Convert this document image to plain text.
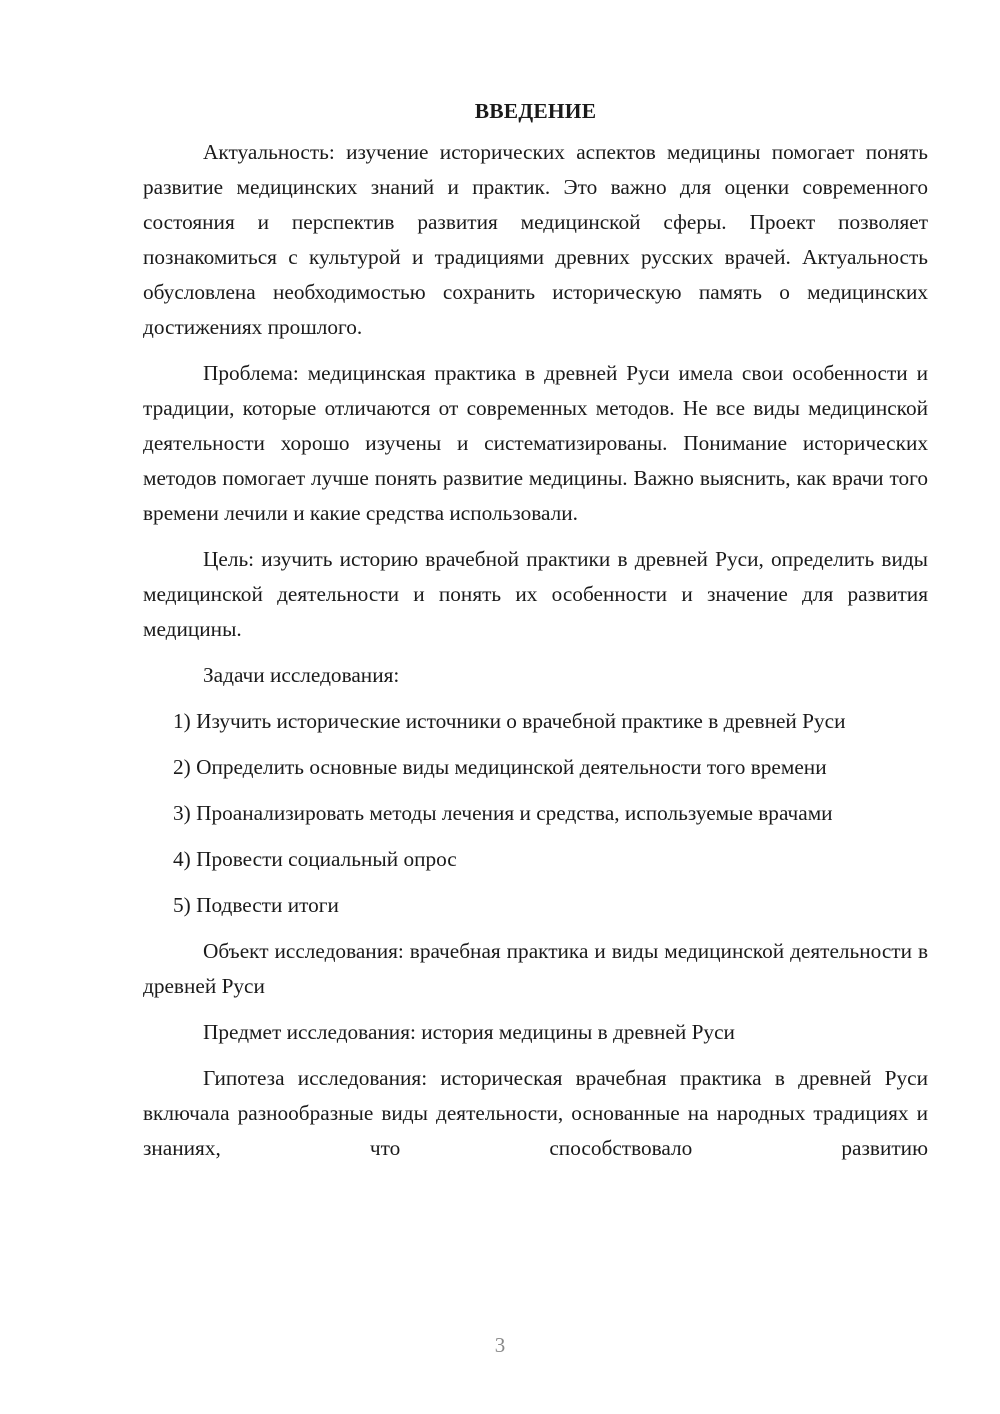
ВВЕДЕНИЕ

Актуальность: изучение исторических аспектов медицины помогает понять развитие медицинских знаний и практик. Это важно для оценки современного состояния и перспектив развития медицинской сферы. Проект позволяет познакомиться с культурой и традициями древних русских врачей. Актуальность обусловлена необходимостью сохранить историческую память о медицинских достижениях прошлого.

Проблема: медицинская практика в древней Руси имела свои особенности и традиции, которые отличаются от современных методов. Не все виды медицинской деятельности хорошо изучены и систематизированы. Понимание исторических методов помогает лучше понять развитие медицины. Важно выяснить, как врачи того времени лечили и какие средства использовали.

Цель: изучить историю врачебной практики в древней Руси, определить виды медицинской деятельности и понять их особенности и значение для развития медицины.

Задачи исследования:

1) Изучить исторические источники о врачебной практике в древней Руси

2) Определить основные виды медицинской деятельности того времени

3) Проанализировать методы лечения и средства, используемые врачами

4) Провести социальный опрос

5) Подвести итоги

Объект исследования: врачебная практика и виды медицинской деятельности в древней Руси

Предмет исследования: история медицины в древней Руси

Гипотеза исследования: историческая врачебная практика в древней Руси включала разнообразные виды деятельности, основанные на народных традициях и знаниях, что способствовало развитию

3
